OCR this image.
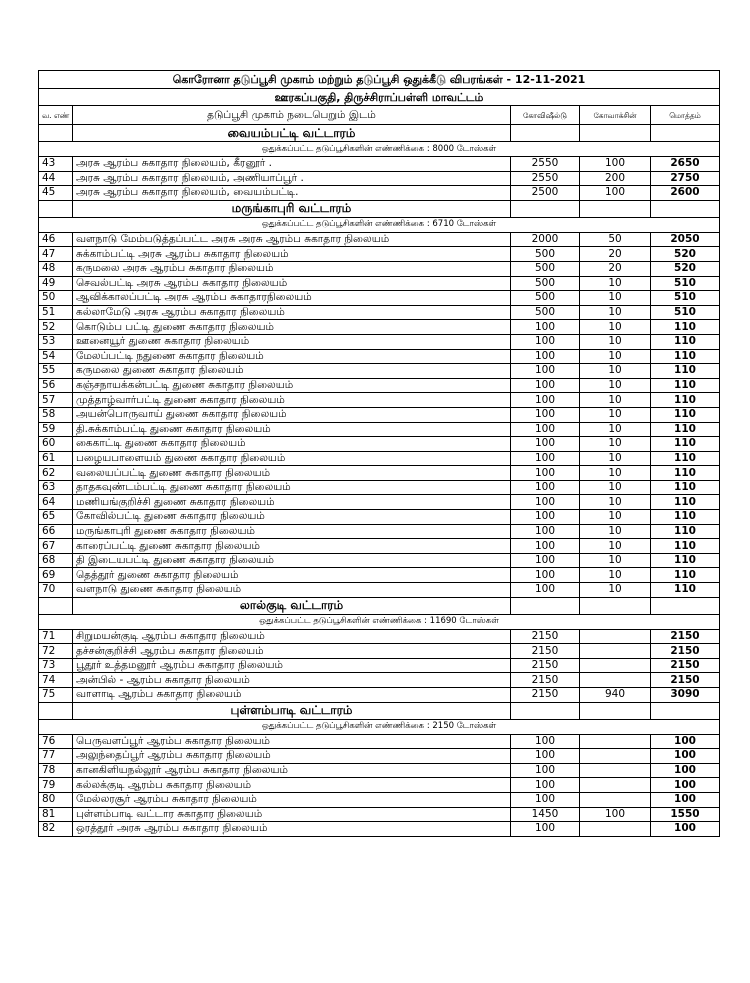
கொரோனா தடுப்பூசி முகாம் மற்றும் தடுப்பூசி ஒதுக்கீடு விபரங்கள் - 12-11-2021				
ஊரகப்பகுதி, திருச்சிராப்பள்ளி மாவட்டம்				
வ. எண்	தடுப்பூசி முகாம் நடைபெறும் இடம்	கோவிஷீல்டு	கோவாக்சின்	மொத்தம்
	வையம்பட்டி வட்டாரம்			
ஒதுக்கப்பட்ட தடுப்பூசிகளின் எண்ணிக்கை : 8000 டோஸ்கள்				
43	அரசு ஆரம்ப சுகாதார நிலையம், கீரனூர் .	2550	100	2650
44	அரசு ஆரம்ப சுகாதார நிலையம், அணியாப்பூர் .	2550	200	2750
45	அரசு ஆரம்ப சுகாதார நிலையம், வையம்பட்டி.	2500	100	2600
	மருங்காபுரி வட்டாரம்			
ஒதுக்கப்பட்ட தடுப்பூசிகளின் எண்ணிக்கை : 6710 டோஸ்கள்				
46	வளநாடு மேம்படுத்தப்பட்ட அரசு அரசு ஆரம்ப சுகாதார நிலையம்	2000	50	2050
47	சுக்காம்பட்டி அரசு ஆரம்ப சுகாதார நிலையம்	500	20	520
48	கருமலை அரசு ஆரம்ப சுகாதார நிலையம்	500	20	520
49	செவல்பட்டி அரசு ஆரம்ப சுகாதார நிலையம்	500	10	510
50	ஆவிக்காலப்பட்டி அரசு ஆரம்ப சுகாதாரநிலையம்	500	10	510
51	கல்லாமேடு அரசு ஆரம்ப சுகாதார நிலையம்	500	10	510
52	கொடும்ப பட்டி துணை சுகாதார நிலையம்	100	10	110
53	ஊனையூர் துணை சுகாதார நிலையம்	100	10	110
54	மேலப்பட்டி நதுணை சுகாதார நிலையம்	100	10	110
55	கருமலை துணை சுகாதார நிலையம்	100	10	110
56	கஞ்சநாயக்கன்பட்டி துணை சுகாதார நிலையம்	100	10	110
57	முத்தாழ்வார்பட்டி துணை சுகாதார நிலையம்	100	10	110
58	அயன்பொருவாய் துணை சுகாதார நிலையம்	100	10	110
59	தி.சுக்காம்பட்டி துணை சுகாதார நிலையம்	100	10	110
60	கைகாட்டி துணை சுகாதார நிலையம்	100	10	110
61	பழையபாளையம் துணை சுகாதார நிலையம்	100	10	110
62	வலையப்பட்டி துணை சுகாதார நிலையம்	100	10	110
63	தாதகவுண்டம்பட்டி துணை சுகாதார நிலையம்	100	10	110
64	மணியங்குறிச்சி துணை சுகாதார நிலையம்	100	10	110
65	கோவில்பட்டி துணை சுகாதார நிலையம்	100	10	110
66	மருங்காபுரி துணை சுகாதார நிலையம்	100	10	110
67	காரைப்பட்டி துணை சுகாதார நிலையம்	100	10	110
68	தி இடையபட்டி துணை சுகாதார நிலையம்	100	10	110
69	தெத்தூர் துணை சுகாதார நிலையம்	100	10	110
70	வளநாடு துணை சுகாதார நிலையம்	100	10	110
	லால்குடி வட்டாரம்			
ஒதுக்கப்பட்ட தடுப்பூசிகளின் எண்ணிக்கை : 11690 டோஸ்கள்				
71	சிறுமயன்குடி ஆரம்ப சுகாதார நிலையம்	2150		2150
72	தச்சன்குறிச்சி ஆரம்ப சுகாதார நிலையம்	2150		2150
73	பூதூர் உத்தமனூர் ஆரம்ப சுகாதார நிலையம்	2150		2150
74	அன்பில் - ஆரம்ப சுகாதார நிலையம்	2150		2150
75	வாளாடி ஆரம்ப சுகாதார நிலையம்	2150	940	3090
	புள்ளம்பாடி வட்டாரம்			
ஒதுக்கப்பட்ட தடுப்பூசிகளின் எண்ணிக்கை : 2150 டோஸ்கள்				
76	பெருவளப்பூர் ஆரம்ப சுகாதார நிலையம்	100		100
77	அலுந்தைப்பூர் ஆரம்ப சுகாதார நிலையம்	100		100
78	கானகிளியநல்லூர் ஆரம்ப சுகாதார நிலையம்	100		100
79	கல்லக்குடி ஆரம்ப சுகாதார நிலையம்	100		100
80	மேல்லரசூர் ஆரம்ப சுகாதார நிலையம்	100		100
81	புள்ளம்பாடி வட்டார சுகாதார நிலையம்	1450	100	1550
82	ஒரத்தூர் அரசு ஆரம்ப சுகாதார நிலையம்	100		100
